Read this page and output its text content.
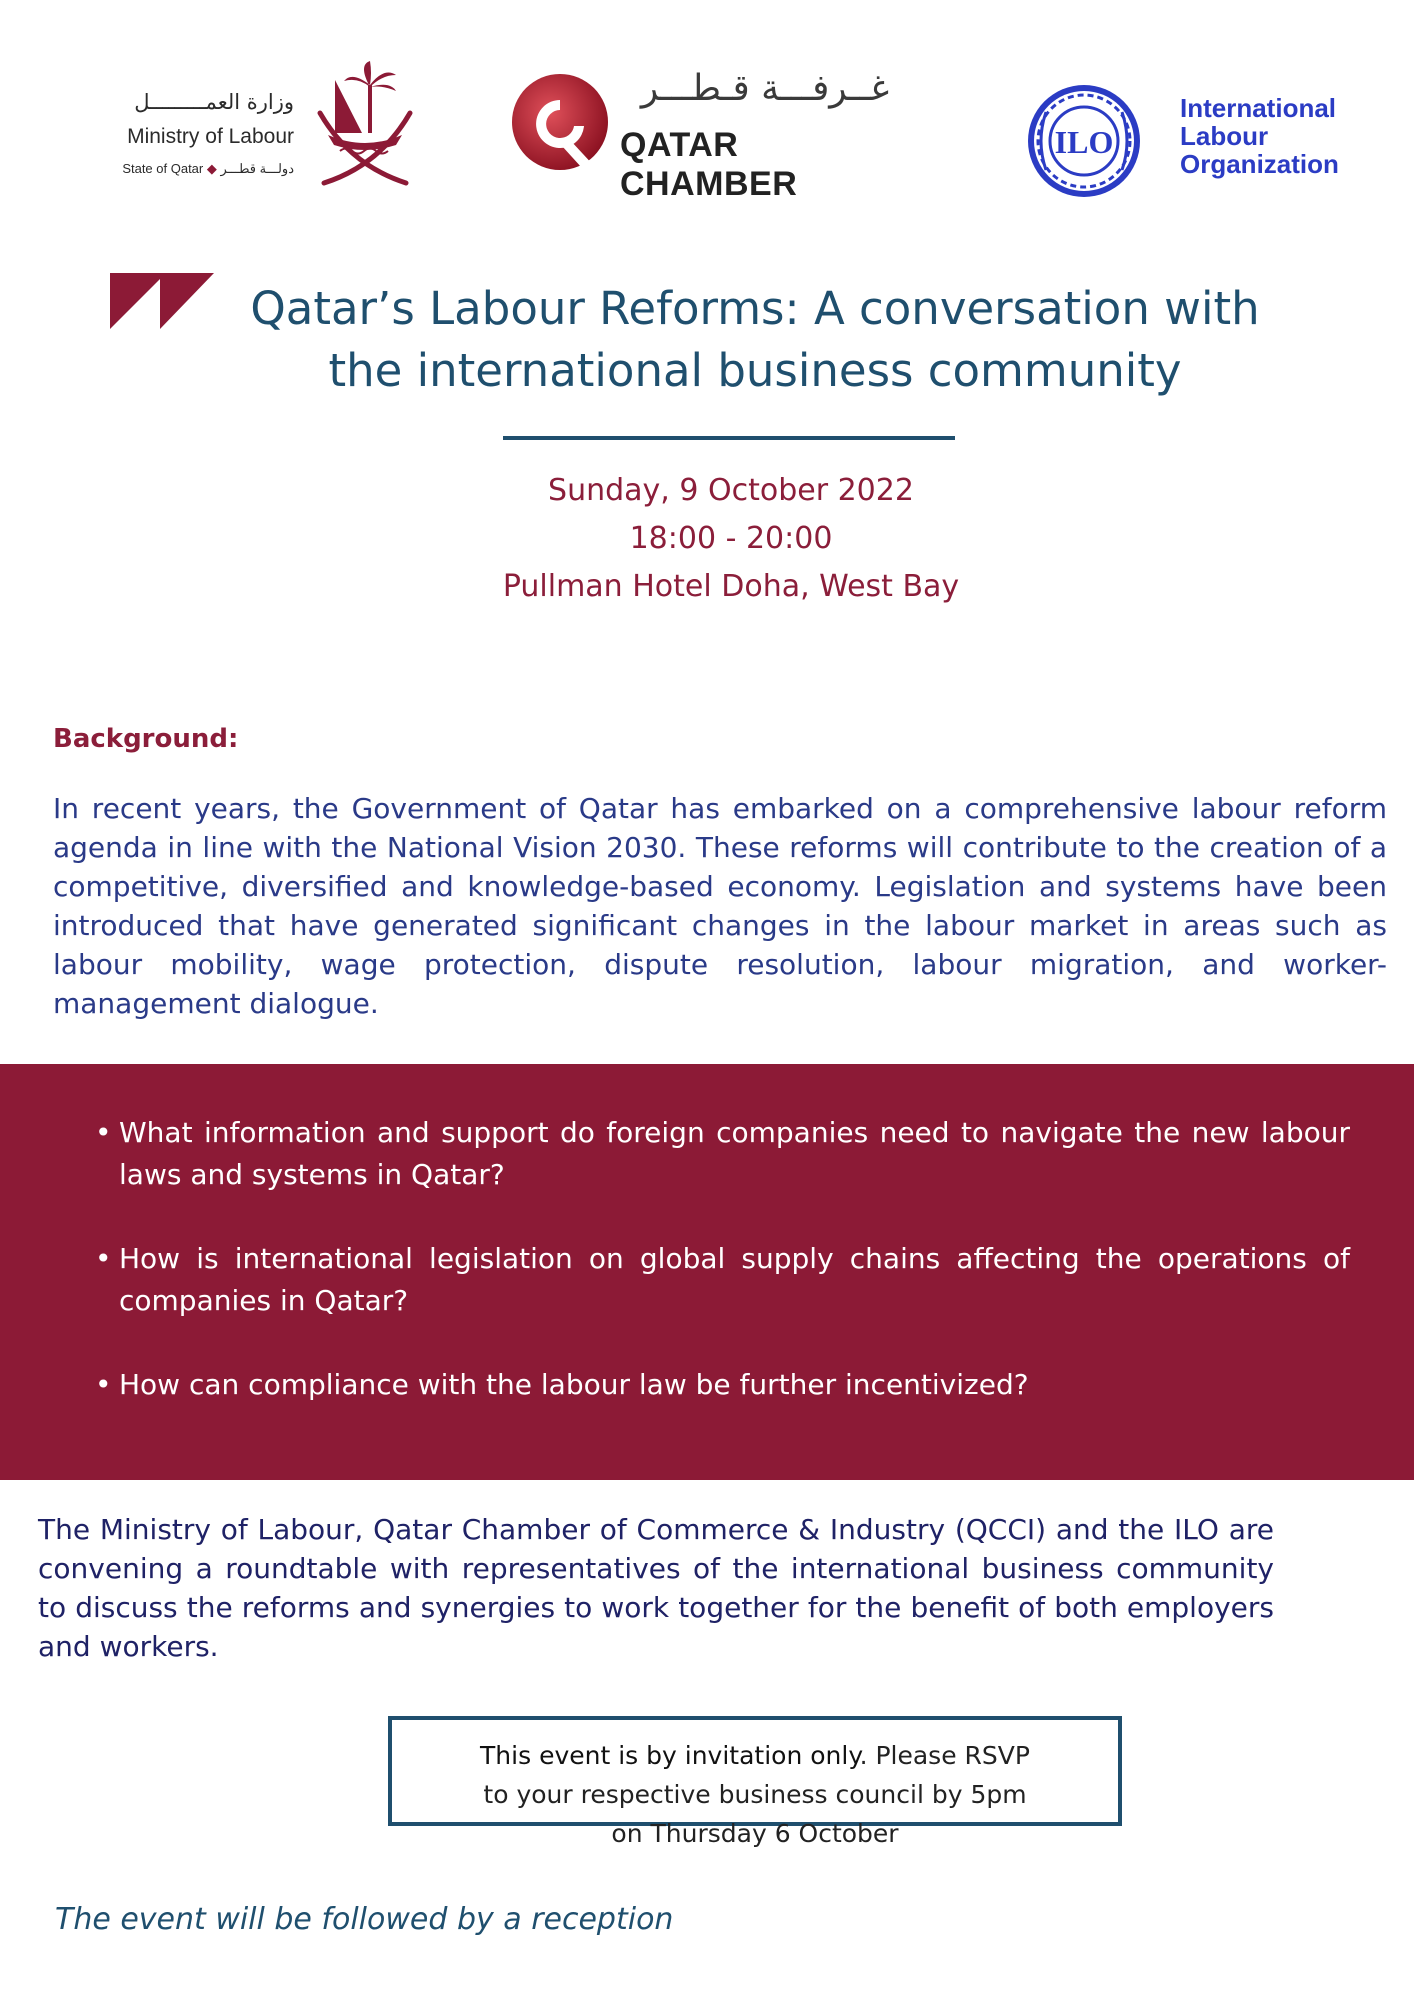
وزارة العمـــــــــل
Ministry of Labour
State of Qatar ◆ دولـــة قطـــر
غــرفـــة قـطـــر
QATAR CHAMBER
ILO
International
Labour
Organization
Qatar’s Labour Reforms: A conversation with
the international business community
Sunday, 9 October 2022
18:00 - 20:00
Pullman Hotel Doha, West Bay
Background:
In recent years, the Government of Qatar has embarked on a comprehensive labour reform agenda in line with the National Vision 2030. These reforms will contribute to the creation of a competitive, diversified and knowledge-based economy. Legislation and systems have been introduced that have generated significant changes in the labour market in areas such as labour mobility, wage protection, dispute resolution, labour migration, and worker- management dialogue.
• What information and support do foreign companies need to navigate the new labour laws and systems in Qatar?
• How is international legislation on global supply chains affecting the operations of companies in Qatar?
• How can compliance with the labour law be further incentivized?
The Ministry of Labour, Qatar Chamber of Commerce & Industry (QCCI) and the ILO are convening a roundtable with representatives of the international business community to discuss the reforms and synergies to work together for the benefit of both employers and workers.
This event is by invitation only. Please RSVP
to your respective business council by 5pm
on Thursday 6 October
The event will be followed by a reception
